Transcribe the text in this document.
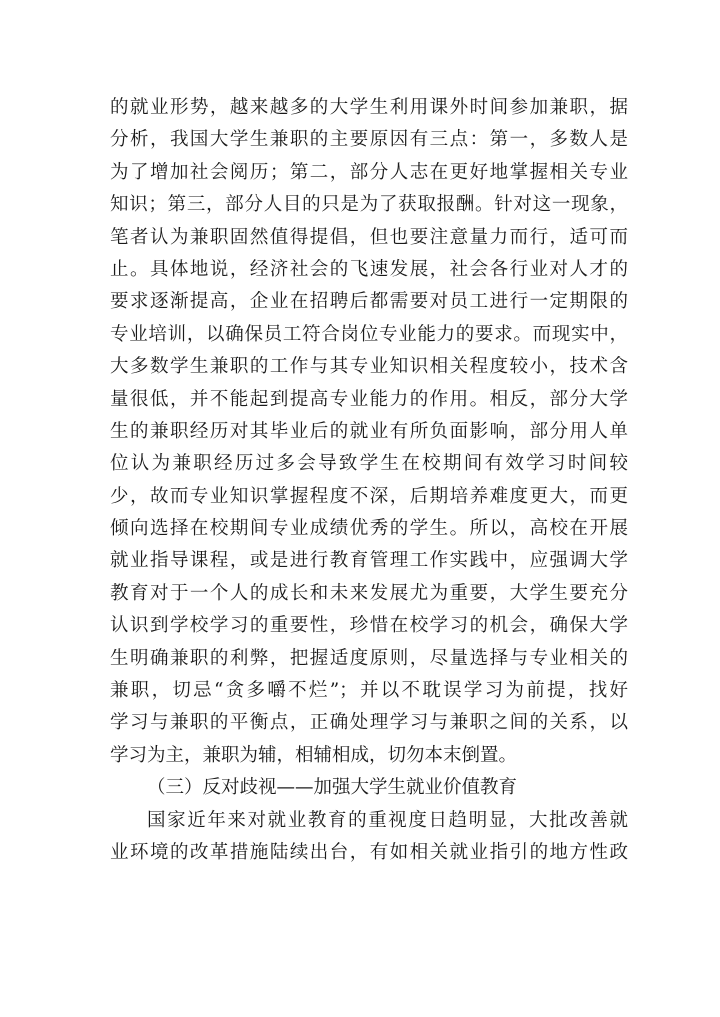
的就业形势，越来越多的大学生利用课外时间参加兼职，据
分析，我国大学生兼职的主要原因有三点：第一，多数人是
为了增加社会阅历；第二，部分人志在更好地掌握相关专业
知识；第三，部分人目的只是为了获取报酬。针对这一现象，
笔者认为兼职固然值得提倡，但也要注意量力而行，适可而
止。具体地说，经济社会的飞速发展，社会各行业对人才的
要求逐渐提高，企业在招聘后都需要对员工进行一定期限的
专业培训，以确保员工符合岗位专业能力的要求。而现实中，
大多数学生兼职的工作与其专业知识相关程度较小，技术含
量很低，并不能起到提高专业能力的作用。相反，部分大学
生的兼职经历对其毕业后的就业有所负面影响，部分用人单
位认为兼职经历过多会导致学生在校期间有效学习时间较
少，故而专业知识掌握程度不深，后期培养难度更大，而更
倾向选择在校期间专业成绩优秀的学生。所以，高校在开展
就业指导课程，或是进行教育管理工作实践中，应强调大学
教育对于一个人的成长和未来发展尤为重要，大学生要充分
认识到学校学习的重要性，珍惜在校学习的机会，确保大学
生明确兼职的利弊，把握适度原则，尽量选择与专业相关的
兼职，切忌“贪多嚼不烂”；并以不耽误学习为前提，找好
学习与兼职的平衡点，正确处理学习与兼职之间的关系，以
学习为主，兼职为辅，相辅相成，切勿本末倒置。
（三）反对歧视——加强大学生就业价值教育
国家近年来对就业教育的重视度日趋明显，大批改善就
业环境的改革措施陆续出台，有如相关就业指引的地方性政
